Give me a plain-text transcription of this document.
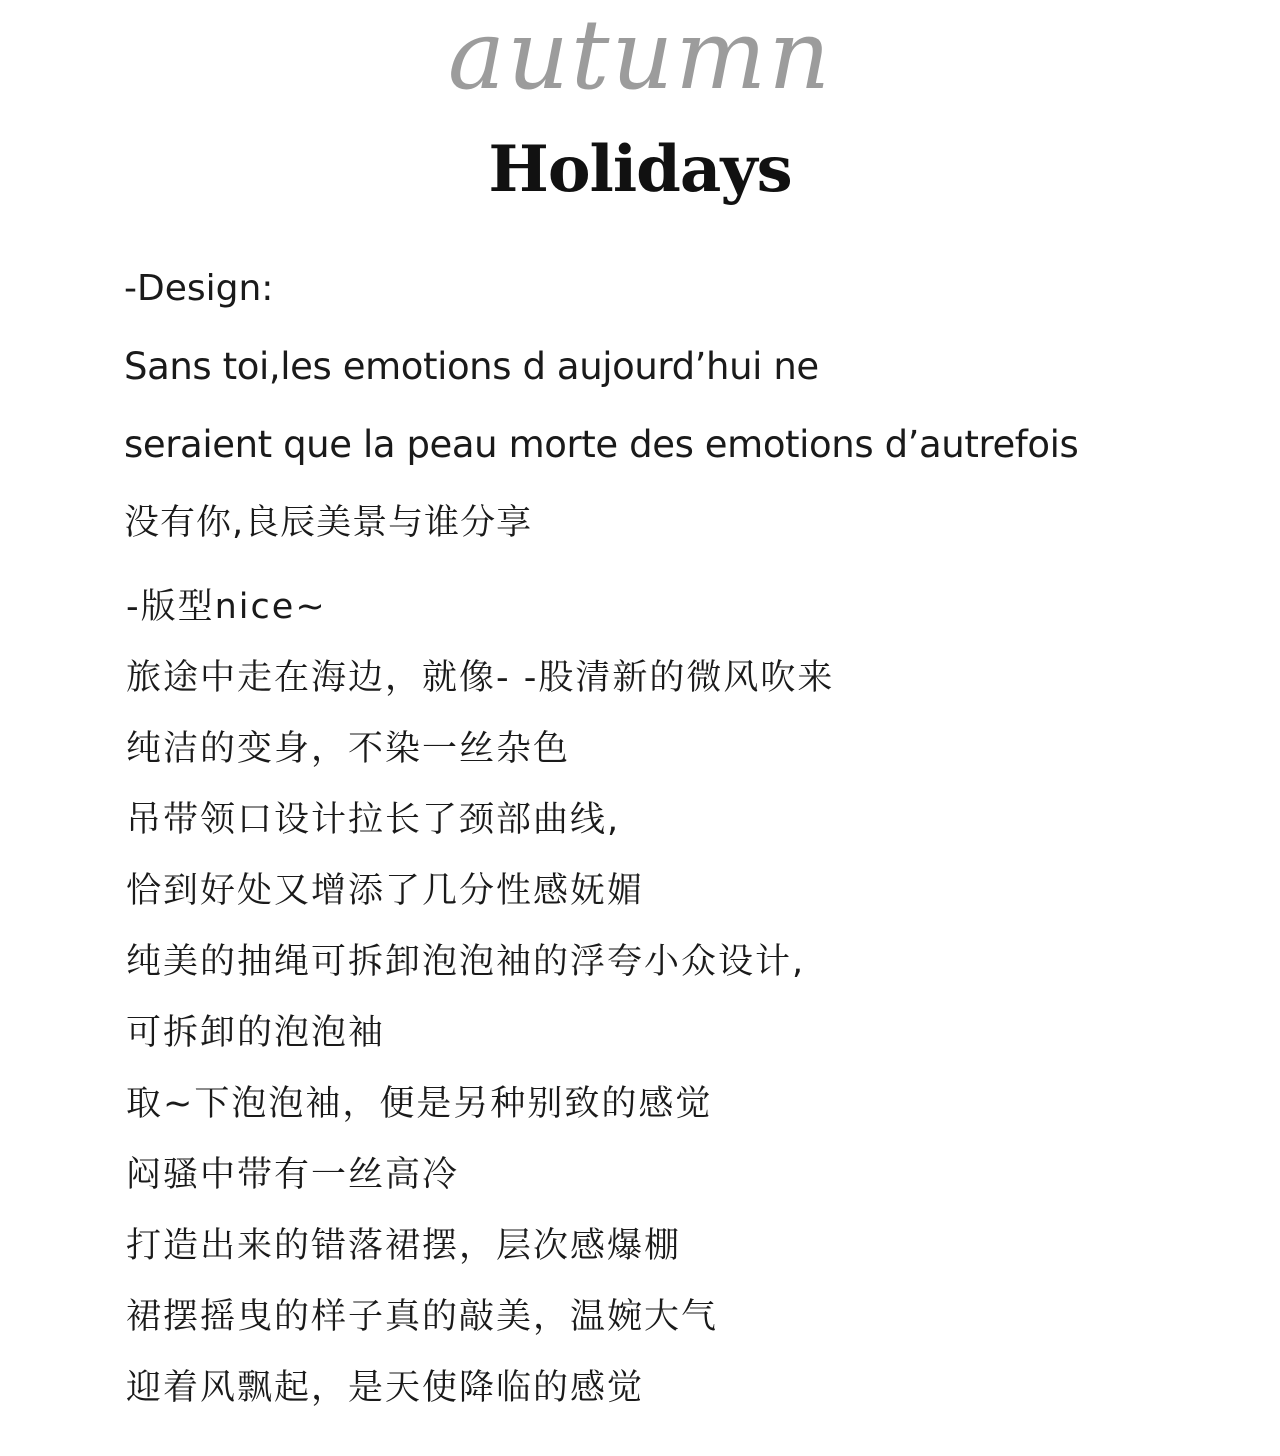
autumn
Holidays
-Design:
Sans toi,les emotions d aujourd’hui ne
seraient que la peau morte des emotions d’autrefois
没有你,良辰美景与谁分享
-版型nice~
旅途中走在海边，就像- -股清新的微风吹来
纯洁的变身，不染一丝杂色
吊带领口设计拉长了颈部曲线,
恰到好处又增添了几分性感妩媚
纯美的抽绳可拆卸泡泡袖的浮夸小众设计,
可拆卸的泡泡袖
取~下泡泡袖，便是另种别致的感觉
闷骚中带有一丝高冷
打造出来的错落裙摆，层次感爆棚
裙摆摇曳的样子真的敲美，温婉大气
迎着风飘起，是天使降临的感觉
